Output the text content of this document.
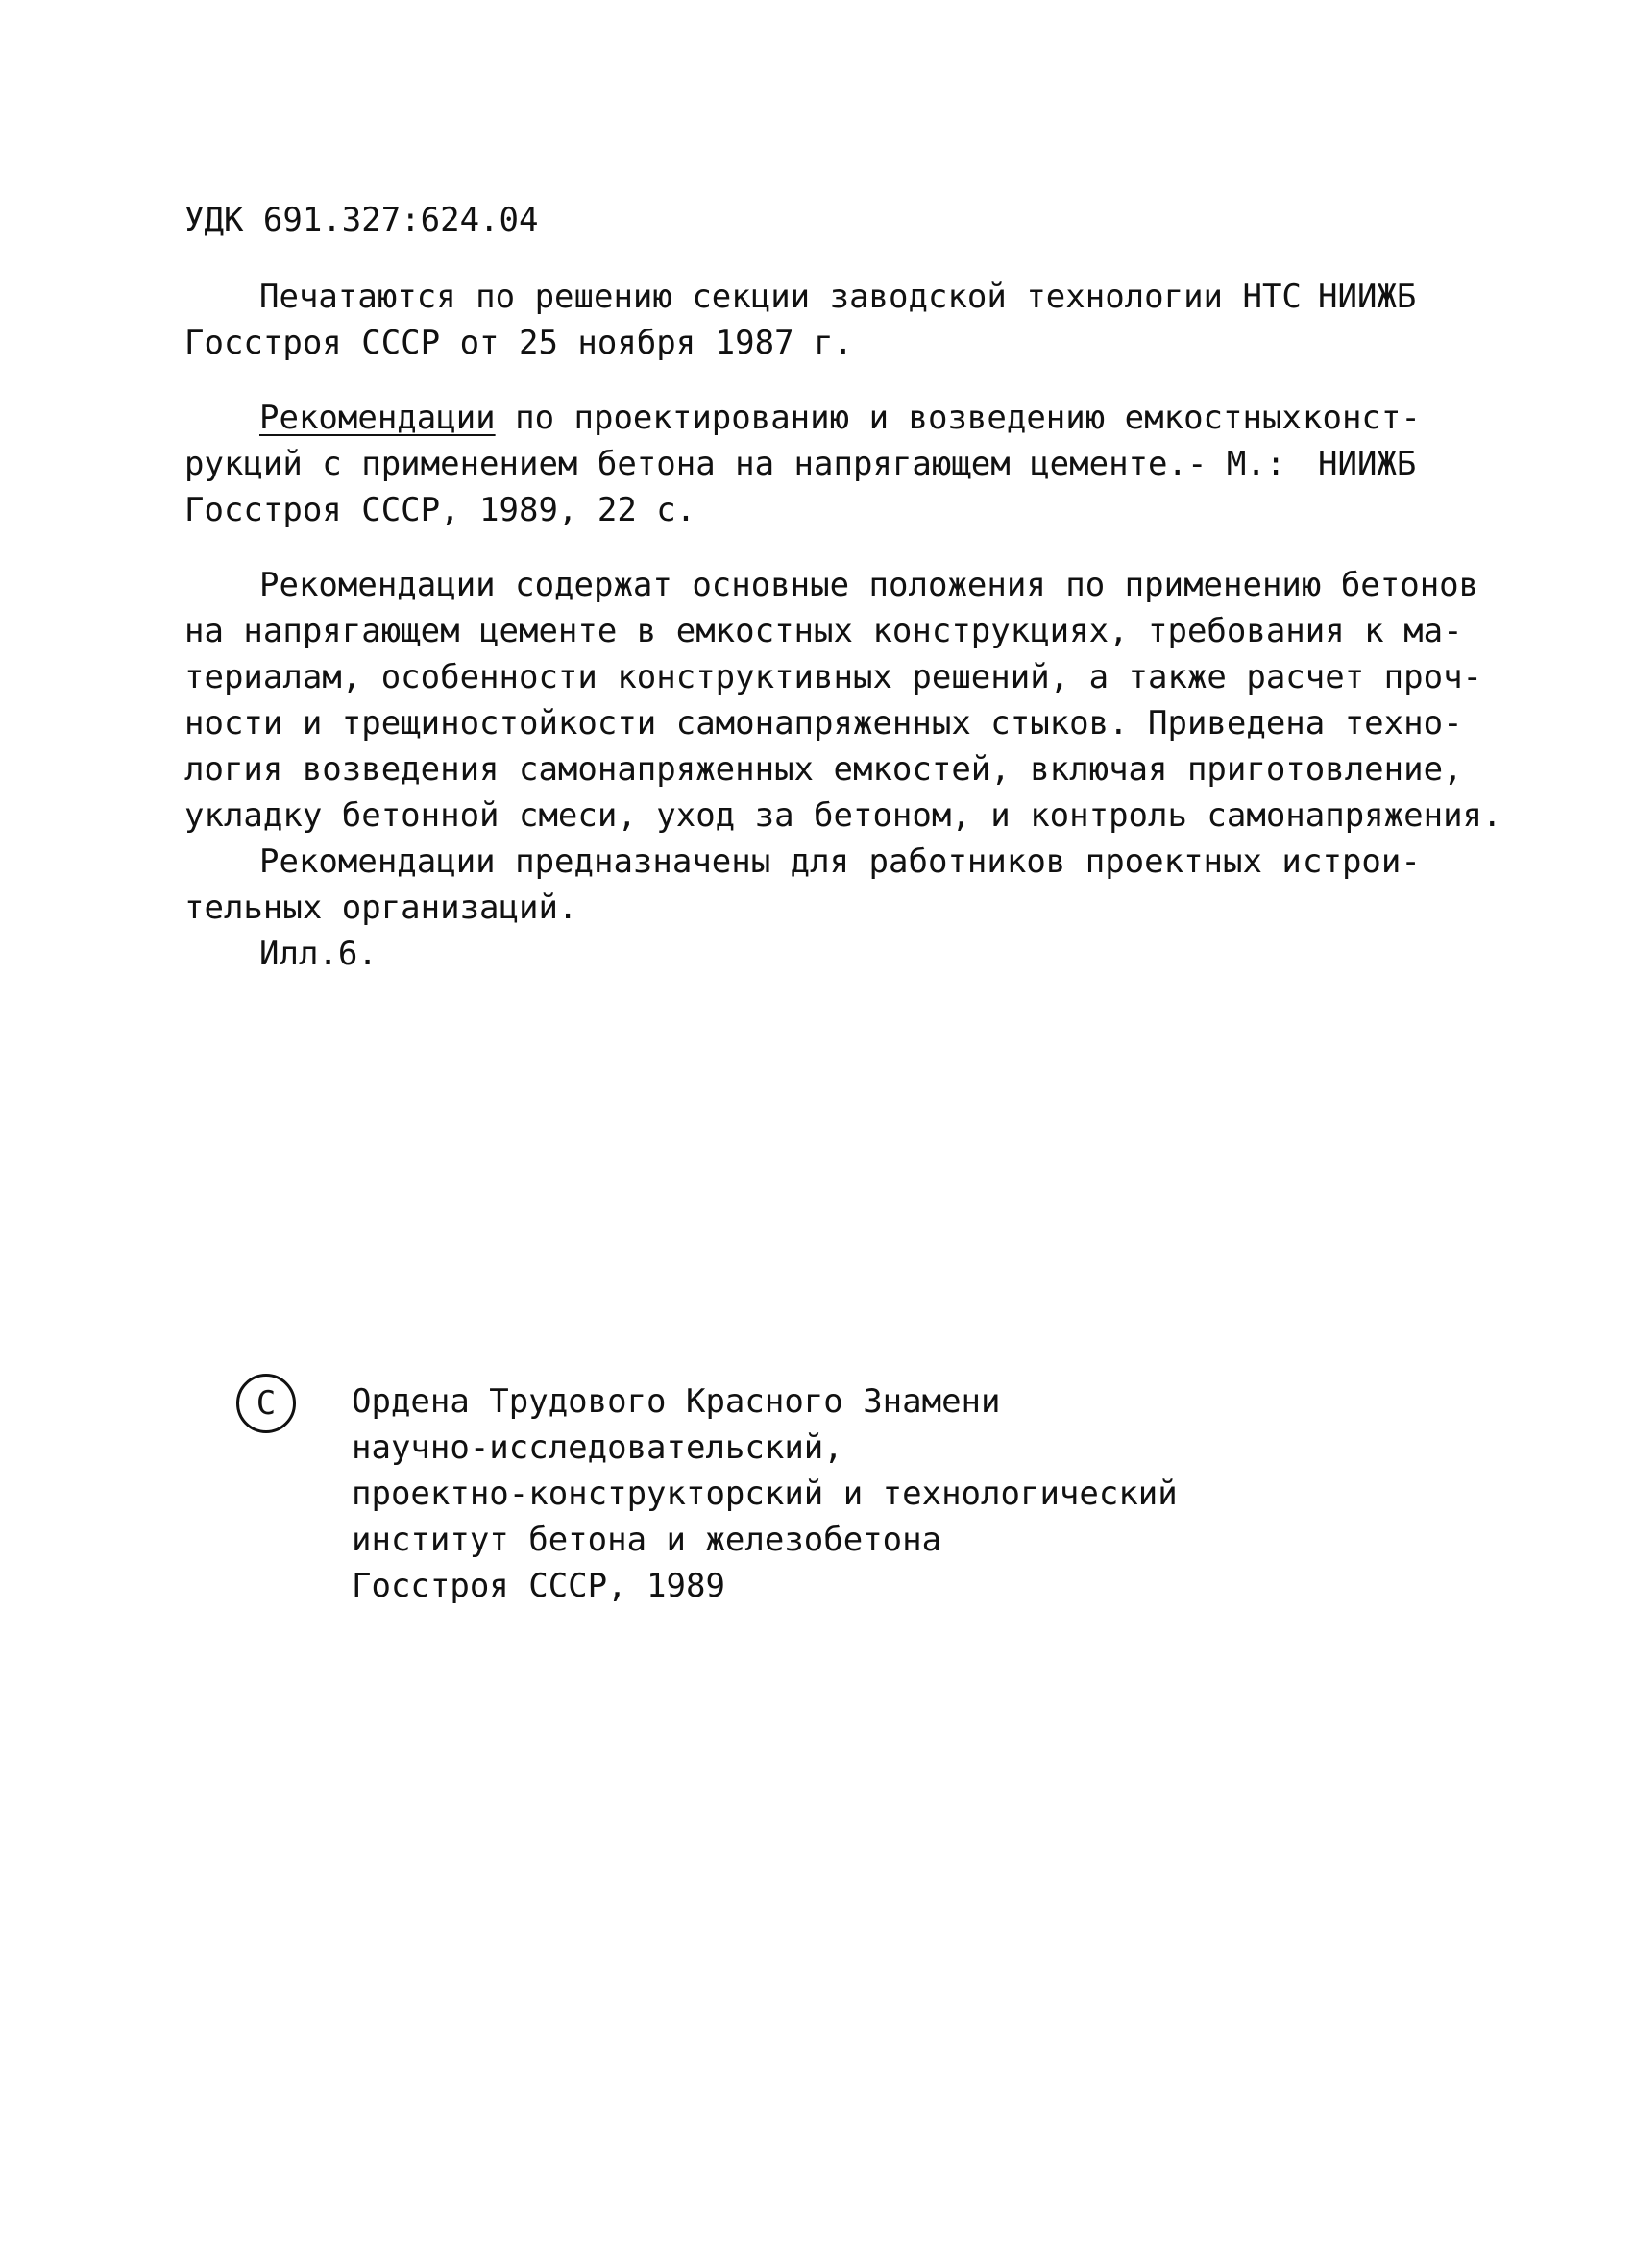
УДК 691.327:624.04
Печатаются по решению секции заводской технологии НТС НИИЖБ
Госстроя СССР от 25 ноября 1987 г.
Рекомендации по проектированию и возведению емкостных конст-
рукций с применением бетона на напрягающем цементе.- М.: НИИЖБ
Госстроя СССР, 1989, 22 с.
Рекомендации содержат основные положения по применению бетонов
на напрягающем цементе в емкостных конструкциях, требования к ма-
териалам, особенности конструктивных решений, а также расчет проч-
ности и трещиностойкости самонапряженных стыков. Приведена техно-
логия возведения самонапряженных емкостей, включая приготовление,
укладку бетонной смеси, уход за бетоном, и контроль самонапряжения.
Рекомендации предназначены для работников проектных и строи-
тельных организаций.
Илл.6.
С Ордена Трудового Красного Знамени
научно-исследовательский,
проектно-конструкторский и технологический
институт бетона и железобетона
Госстроя СССР, 1989
